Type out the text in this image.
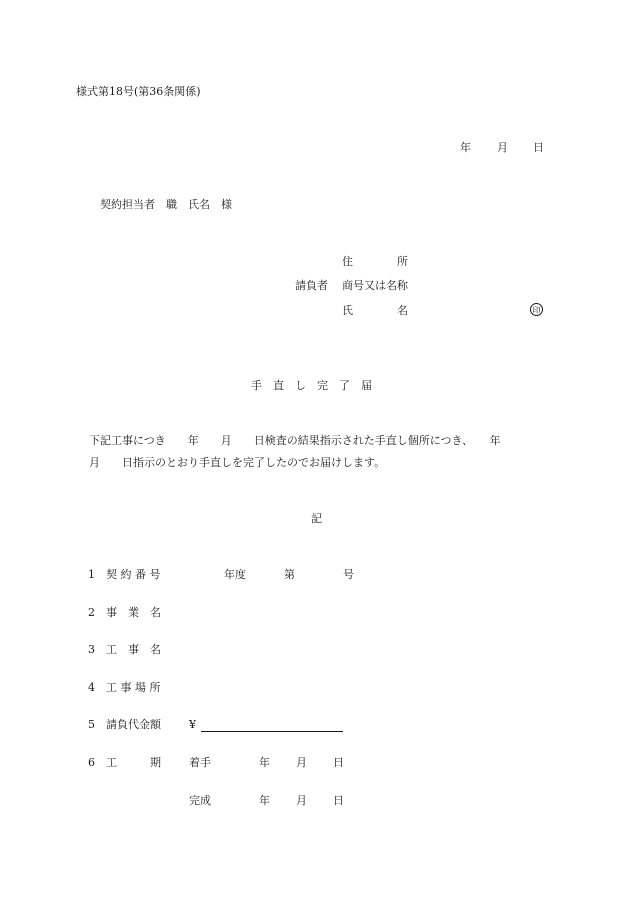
様式第18号(第36条関係)
年 月 日
契約担当者　職　氏名　様
住　　　　所
請負者 商号又は名称
氏　　　　名	印
手　直　し　完　了　届
下記工事につき　　年　　月　　日検査の結果指示された手直し個所につき、　　年
月　　日指示のとおり手直しを完了したのでお届けします。
記
1 契 約 番 号	年度	第	号
2 事　業　名
3 工　事　名
4 工 事 場 所
5 請負代金額	¥
6 工　　　期	着手	年 月 日
完成	年 月 日
